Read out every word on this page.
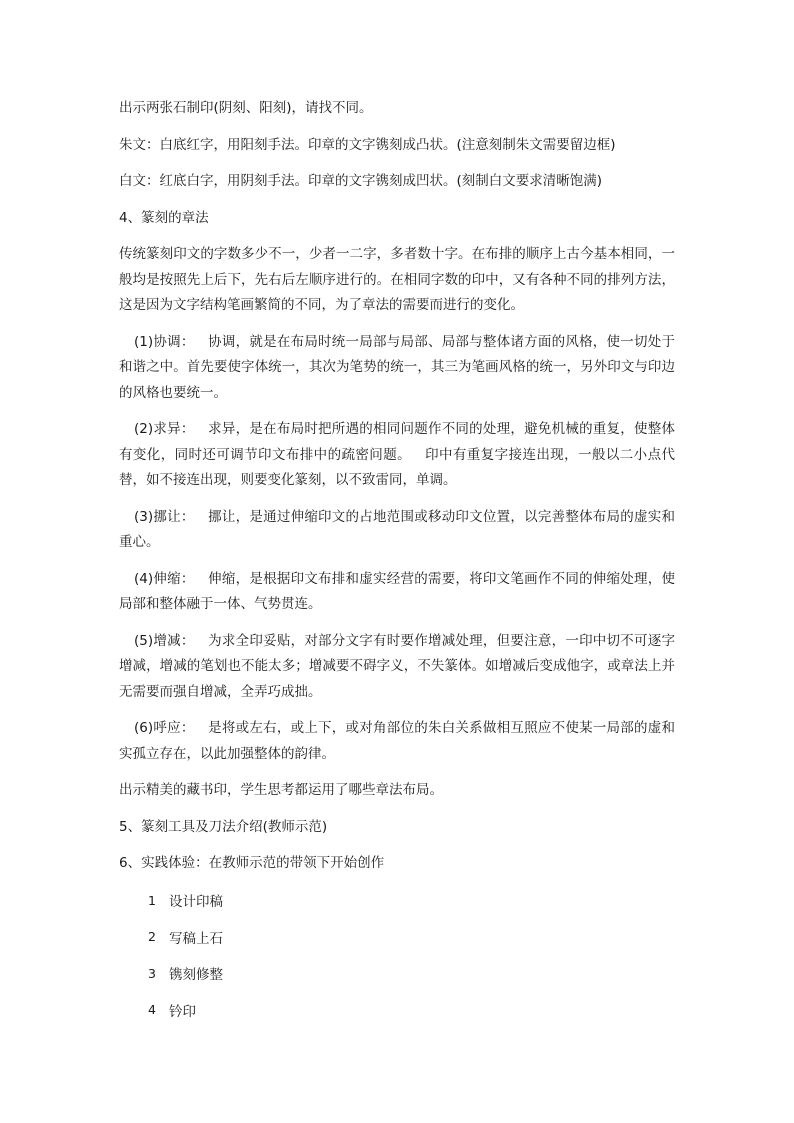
出示两张石制印(阴刻、阳刻)，请找不同。

朱文：白底红字，用阳刻手法。印章的文字镌刻成凸状。(注意刻制朱文需要留边框)

白文：红底白字，用阴刻手法。印章的文字镌刻成凹状。(刻制白文要求清晰饱满)

4、篆刻的章法

传统篆刻印文的字数多少不一，少者一二字，多者数十字。在布排的顺序上古今基本相同，一般均是按照先上后下，先右后左顺序进行的。在相同字数的印中，又有各种不同的排列方法，这是因为文字结构笔画繁简的不同，为了章法的需要而进行的变化。

(1)协调：   协调，就是在布局时统一局部与局部、局部与整体诸方面的风格，使一切处于和谐之中。首先要使字体统一，其次为笔势的统一，其三为笔画风格的统一，另外印文与印边的风格也要统一。

(2)求异：   求异，是在布局时把所遇的相同问题作不同的处理，避免机械的重复，使整体有变化，同时还可调节印文布排中的疏密问题。   印中有重复字接连出现，一般以二小点代替，如不接连出现，则要变化篆刻，以不致雷同，单调。

(3)挪让：   挪让，是通过伸缩印文的占地范围或移动印文位置，以完善整体布局的虚实和重心。

(4)伸缩：   伸缩，是根据印文布排和虚实经营的需要，将印文笔画作不同的伸缩处理，使局部和整体融于一体、气势贯连。

(5)增减：   为求全印妥贴，对部分文字有时要作增减处理，但要注意，一印中切不可逐字增减，增减的笔划也不能太多；增减要不碍字义，不失篆体。如增减后变成他字，或章法上并无需要而强自增减，全弄巧成拙。

(6)呼应：   是将或左右，或上下，或对角部位的朱白关系做相互照应不使某一局部的虚和实孤立存在，以此加强整体的韵律。

出示精美的藏书印，学生思考都运用了哪些章法布局。

5、篆刻工具及刀法介绍(教师示范)

6、实践体验：在教师示范的带领下开始创作

1 设计印稿
2 写稿上石
3 镌刻修整
4 钤印
